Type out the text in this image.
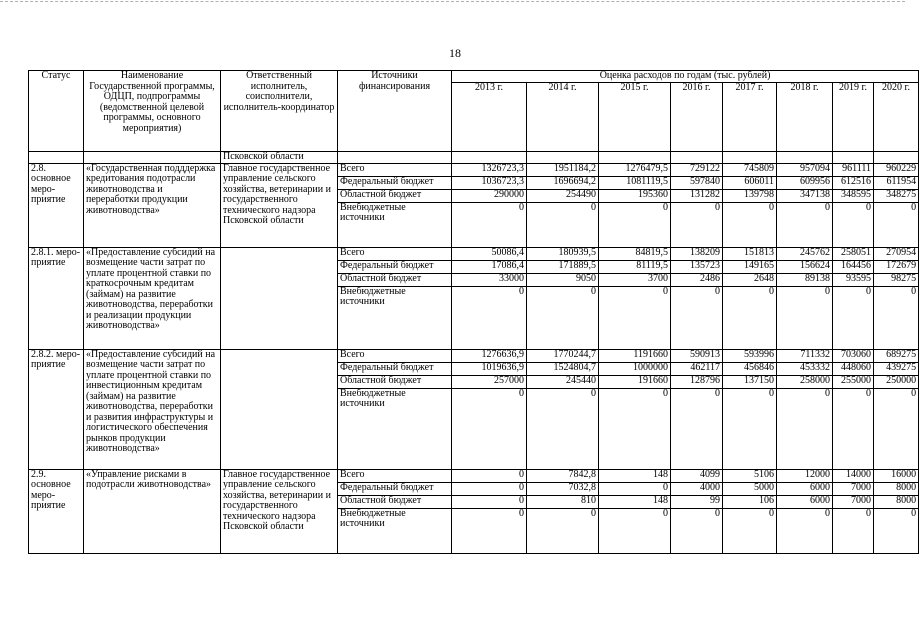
18
Статус	Наименование Государственной программы, ОДЦП, подпрограммы (ведомственной целевой программы, основного мероприятия)	Ответственный исполнитель, соисполнители, исполнитель-координатор	Источники финансирования	Оценка расходов по годам (тыс. рублей)							
				2013 г.	2014 г.	2015 г.	2016 г.	2017 г.	2018 г.	2019 г.	2020 г.
		Псковской области									
2.8. основное меро- приятие	«Государственная подддержка кредитования подотрасли животноводства и переработки продукции животноводства»	Главное государственное управление сельского хозяйства, ветеринарии и государственного технического надзора Псковской области	Всего	1326723,3	1951184,2	1276479,5	729122	745809	957094	961111	960229
			Федеральный бюджет	1036723,3	1696694,2	1081119,5	597840	606011	609956	612516	611954
			Областной бюджет	290000	254490	195360	131282	139798	347138	348595	348275
			Внебюджетные источники	0	0	0	0	0	0	0	0
2.8.1. меро- приятие	«Предоставление субсидий на возмещение части затрат по уплате процентной ставки по краткосрочным кредитам (займам) на развитие животноводства, переработки и реализации продукции животноводства»		Всего	50086,4	180939,5	84819,5	138209	151813	245762	258051	270954
			Федеральный бюджет	17086,4	171889,5	81119,5	135723	149165	156624	164456	172679
			Областной бюджет	33000	9050	3700	2486	2648	89138	93595	98275
			Внебюджетные источники	0	0	0	0	0	0	0	0
2.8.2. меро- приятие	«Предоставление субсидий на возмещение части затрат по уплате процентной ставки по инвестиционным кредитам (займам) на развитие животноводства, переработки и развития инфраструктуры и логистического обеспечения рынков продукции животноводства»		Всего	1276636,9	1770244,7	1191660	590913	593996	711332	703060	689275
			Федеральный бюджет	1019636,9	1524804,7	1000000	462117	456846	453332	448060	439275
			Областной бюджет	257000	245440	191660	128796	137150	258000	255000	250000
			Внебюджетные источники	0	0	0	0	0	0	0	0
2.9. основное меро- приятие	«Управление рисками в подотрасли животноводства»	Главное государственное управление сельского хозяйства, ветеринарии и государственного технического надзора Псковской области	Всего	0	7842,8	148	4099	5106	12000	14000	16000
			Федеральный бюджет	0	7032,8	0	4000	5000	6000	7000	8000
			Областной бюджет	0	810	148	99	106	6000	7000	8000
			Внебюджетные источники	0	0	0	0	0	0	0	0
